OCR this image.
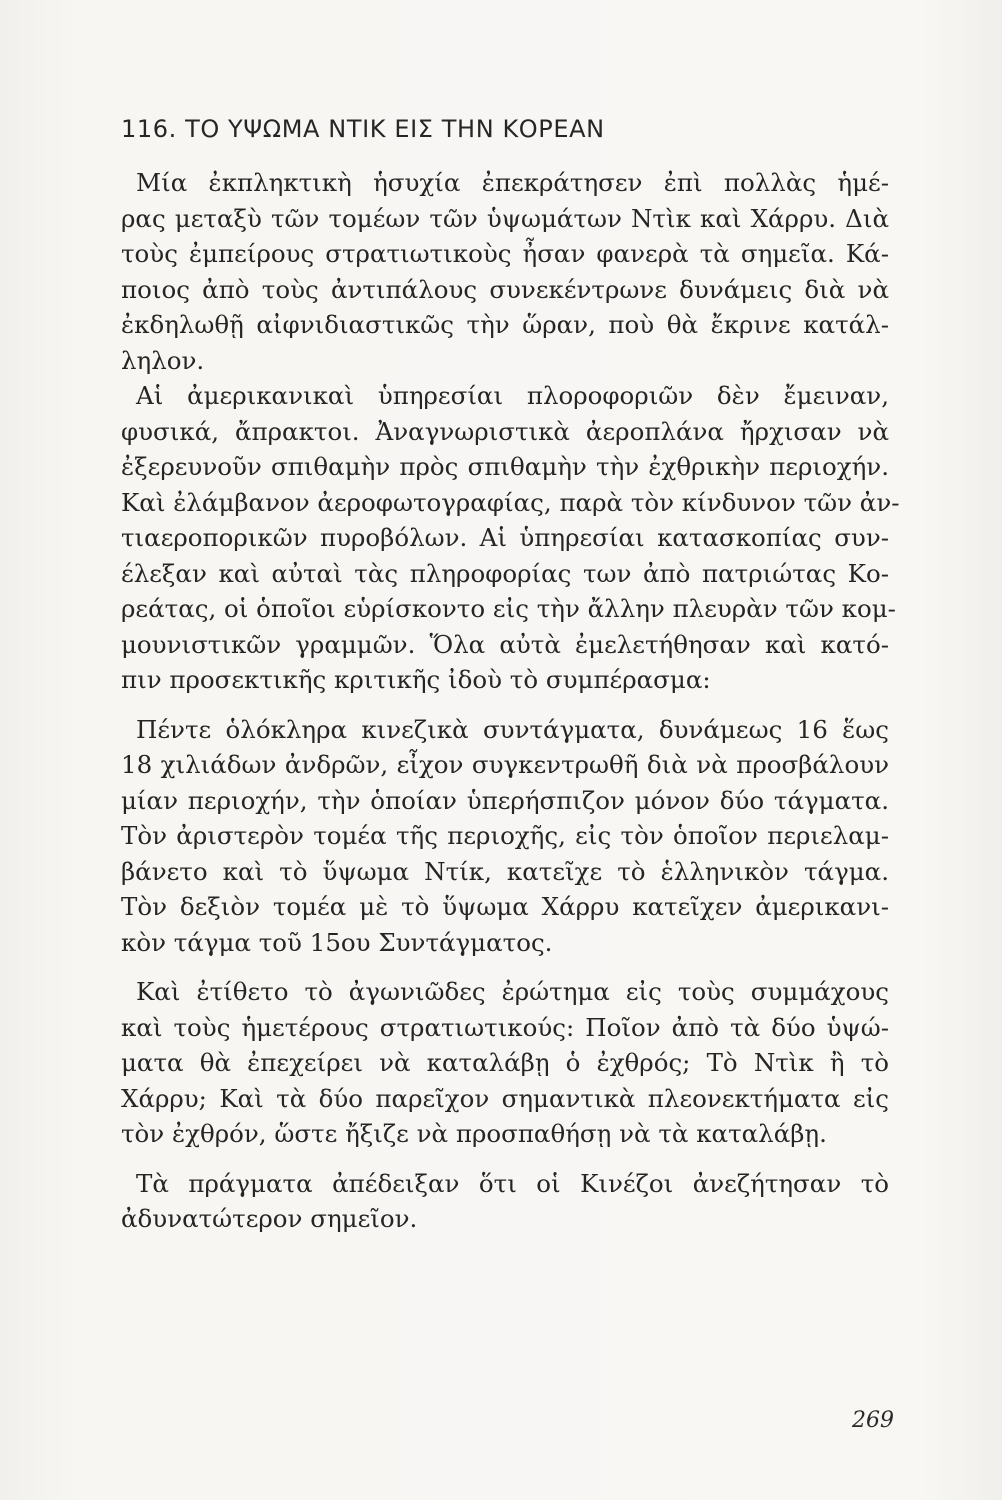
116. ΤΟ ΥΨΩΜΑ ΝΤΙΚ ΕΙΣ ΤΗΝ ΚΟΡΕΑΝ

Μία ἐκπληκτικὴ ἡσυχία ἐπεκράτησεν ἐπὶ πολλὰς ἡμέ-
ρας μεταξὺ τῶν τομέων τῶν ὑψωμάτων Ντὶκ καὶ Χάρρυ. Διὰ
τοὺς ἐμπείρους στρατιωτικοὺς ἦσαν φανερὰ τὰ σημεῖα. Κά-
ποιος ἀπὸ τοὺς ἀντιπάλους συνεκέντρωνε δυνάμεις διὰ νὰ
ἐκδηλωθῇ αἰφνιδιαστικῶς τὴν ὥραν, ποὺ θὰ ἔκρινε κατάλ-
ληλον.

Αἱ ἀμερικανικαὶ ὑπηρεσίαι πλοροφοριῶν δὲν ἔμειναν,
φυσικά, ἄπρακτοι. Ἀναγνωριστικὰ ἀεροπλάνα ἤρχισαν νὰ
ἐξερευνοῦν σπιθαμὴν πρὸς σπιθαμὴν τὴν ἐχθρικὴν περιοχήν.
Καὶ ἐλάμβανον ἀεροφωτογραφίας, παρὰ τὸν κίνδυνον τῶν ἀν-
τιαεροπορικῶν πυροβόλων. Αἱ ὑπηρεσίαι κατασκοπίας συν-
έλεξαν καὶ αὐταὶ τὰς πληροφορίας των ἀπὸ πατριώτας Κο-
ρεάτας, οἱ ὁποῖοι εὑρίσκοντο εἰς τὴν ἄλλην πλευρὰν τῶν κομ-
μουνιστικῶν γραμμῶν. Ὅλα αὐτὰ ἐμελετήθησαν καὶ κατό-
πιν προσεκτικῆς κριτικῆς ἰδοὺ τὸ συμπέρασμα:

Πέντε ὁλόκληρα κινεζικὰ συντάγματα, δυνάμεως 16 ἕως
18 χιλιάδων ἀνδρῶν, εἶχον συγκεντρωθῆ διὰ νὰ προσβάλουν
μίαν περιοχήν, τὴν ὁποίαν ὑπερήσπιζον μόνον δύο τάγματα.
Τὸν ἀριστερὸν τομέα τῆς περιοχῆς, εἰς τὸν ὁποῖον περιελαμ-
βάνετο καὶ τὸ ὕψωμα Ντίκ, κατεῖχε τὸ ἑλληνικὸν τάγμα.
Τὸν δεξιὸν τομέα μὲ τὸ ὕψωμα Χάρρυ κατεῖχεν ἀμερικανι-
κὸν τάγμα τοῦ 15ου Συντάγματος.

Καὶ ἐτίθετο τὸ ἀγωνιῶδες ἐρώτημα εἰς τοὺς συμμάχους
καὶ τοὺς ἡμετέρους στρατιωτικούς: Ποῖον ἀπὸ τὰ δύο ὑψώ-
ματα θὰ ἐπεχείρει νὰ καταλάβῃ ὁ ἐχθρός; Τὸ Ντὶκ ἢ τὸ
Χάρρυ; Καὶ τὰ δύο παρεῖχον σημαντικὰ πλεονεκτήματα εἰς
τὸν ἐχθρόν, ὥστε ἤξιζε νὰ προσπαθήσῃ νὰ τὰ καταλάβῃ.

Τὰ πράγματα ἀπέδειξαν ὅτι οἱ Κινέζοι ἀνεζήτησαν τὸ
ἀδυνατώτερον σημεῖον.

269
